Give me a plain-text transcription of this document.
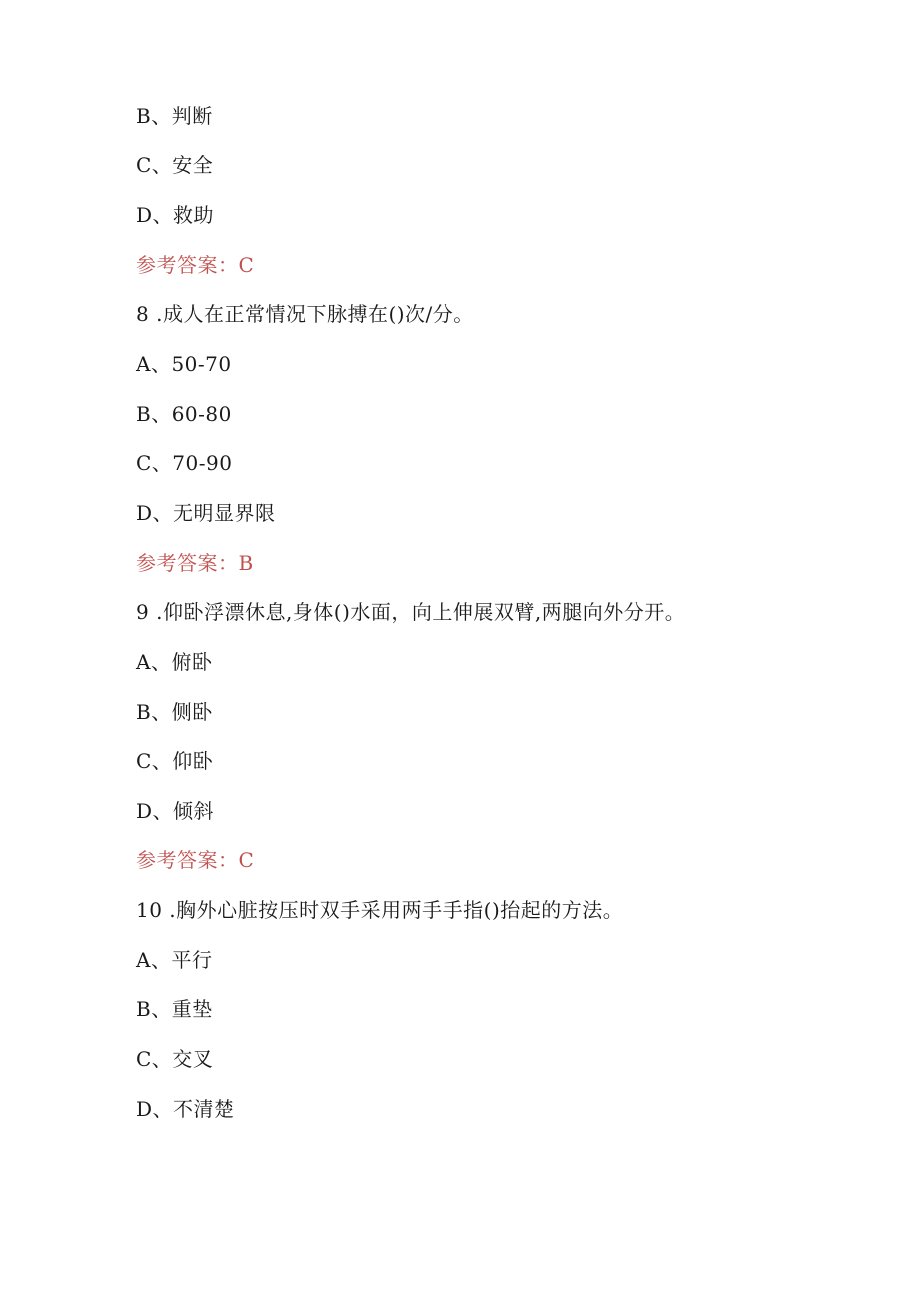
B、判断
C、安全
D、救助
参考答案：C
8 .成人在正常情况下脉搏在()次/分。
A、50-70
B、60-80
C、70-90
D、无明显界限
参考答案：B
9 .仰卧浮漂休息,身体()水面，向上伸展双臂,两腿向外分开。
A、俯卧
B、侧卧
C、仰卧
D、倾斜
参考答案：C
10 .胸外心脏按压时双手采用两手手指()抬起的方法。
A、平行
B、重垫
C、交叉
D、不清楚
